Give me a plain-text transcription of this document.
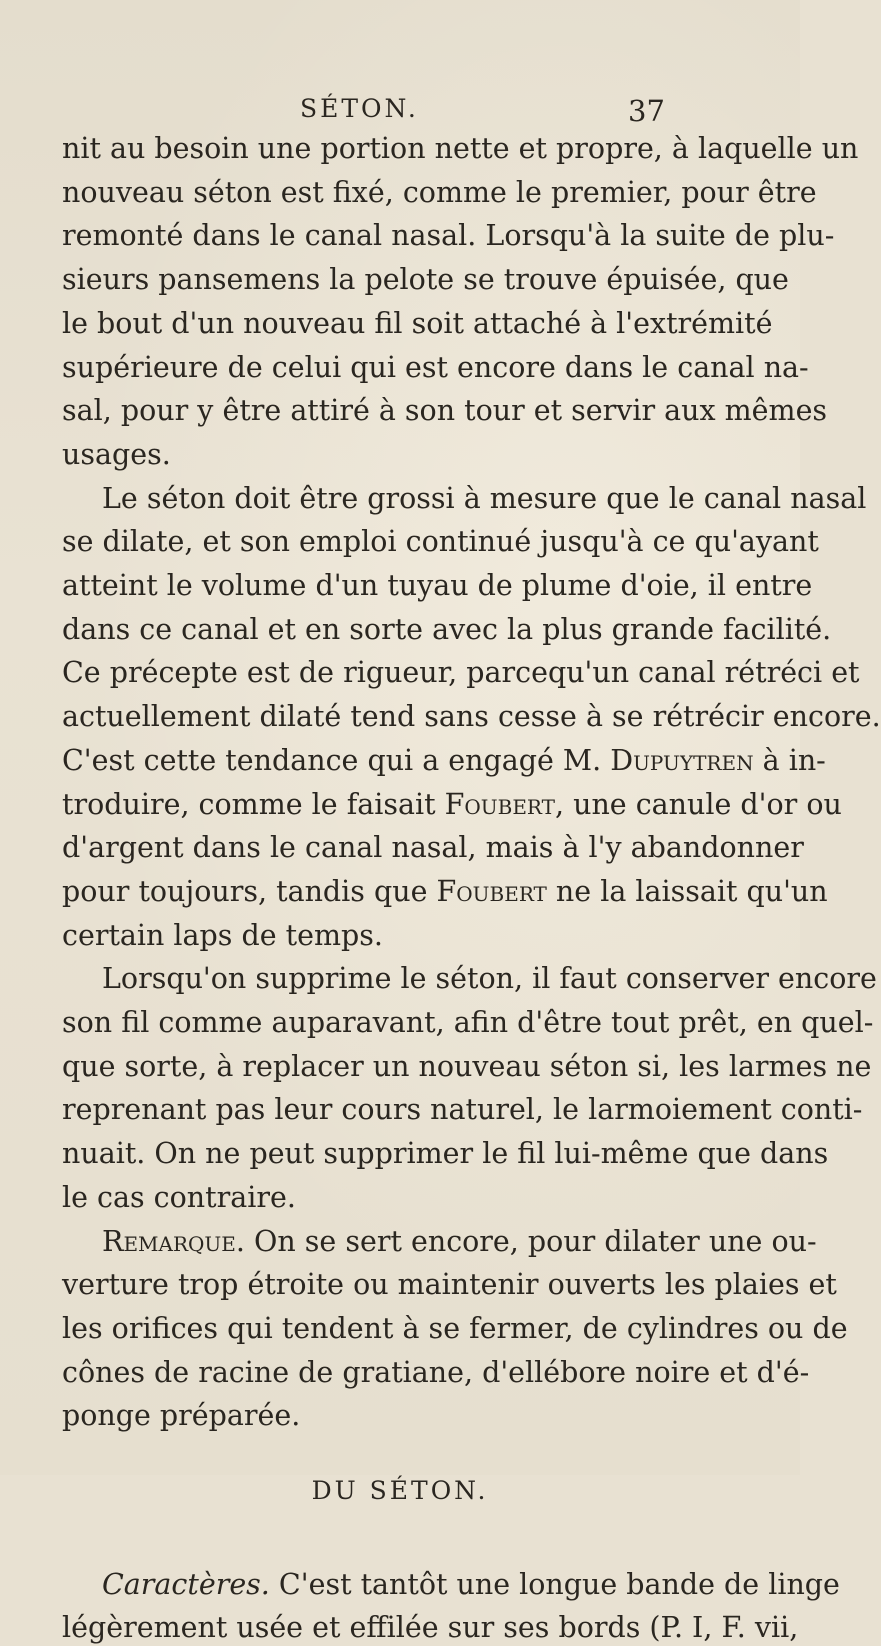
SÉTON.	37
nit au besoin une portion nette et propre, à laquelle un
nouveau séton est fixé, comme le premier, pour être
remonté dans le canal nasal. Lorsqu'à la suite de plu-
sieurs pansemens la pelote se trouve épuisée, que
le bout d'un nouveau fil soit attaché à l'extrémité
supérieure de celui qui est encore dans le canal na-
sal, pour y être attiré à son tour et servir aux mêmes
usages.
Le séton doit être grossi à mesure que le canal nasal
se dilate, et son emploi continué jusqu'à ce qu'ayant
atteint le volume d'un tuyau de plume d'oie, il entre
dans ce canal et en sorte avec la plus grande facilité.
Ce précepte est de rigueur, parcequ'un canal rétréci et
actuellement dilaté tend sans cesse à se rétrécir encore.
C'est cette tendance qui a engagé M. Dupuytren à in-
troduire, comme le faisait Foubert, une canule d'or ou
d'argent dans le canal nasal, mais à l'y abandonner
pour toujours, tandis que Foubert ne la laissait qu'un
certain laps de temps.
Lorsqu'on supprime le séton, il faut conserver encore
son fil comme auparavant, afin d'être tout prêt, en quel-
que sorte, à replacer un nouveau séton si, les larmes ne
reprenant pas leur cours naturel, le larmoiement conti-
nuait. On ne peut supprimer le fil lui-même que dans
le cas contraire.
Remarque. On se sert encore, pour dilater une ou-
verture trop étroite ou maintenir ouverts les plaies et
les orifices qui tendent à se fermer, de cylindres ou de
cônes de racine de gratiane, d'ellébore noire et d'é-
ponge préparée.
DU SÉTON.
Caractères. C'est tantôt une longue bande de linge
légèrement usée et effilée sur ses bords (P. I, F. vii,
